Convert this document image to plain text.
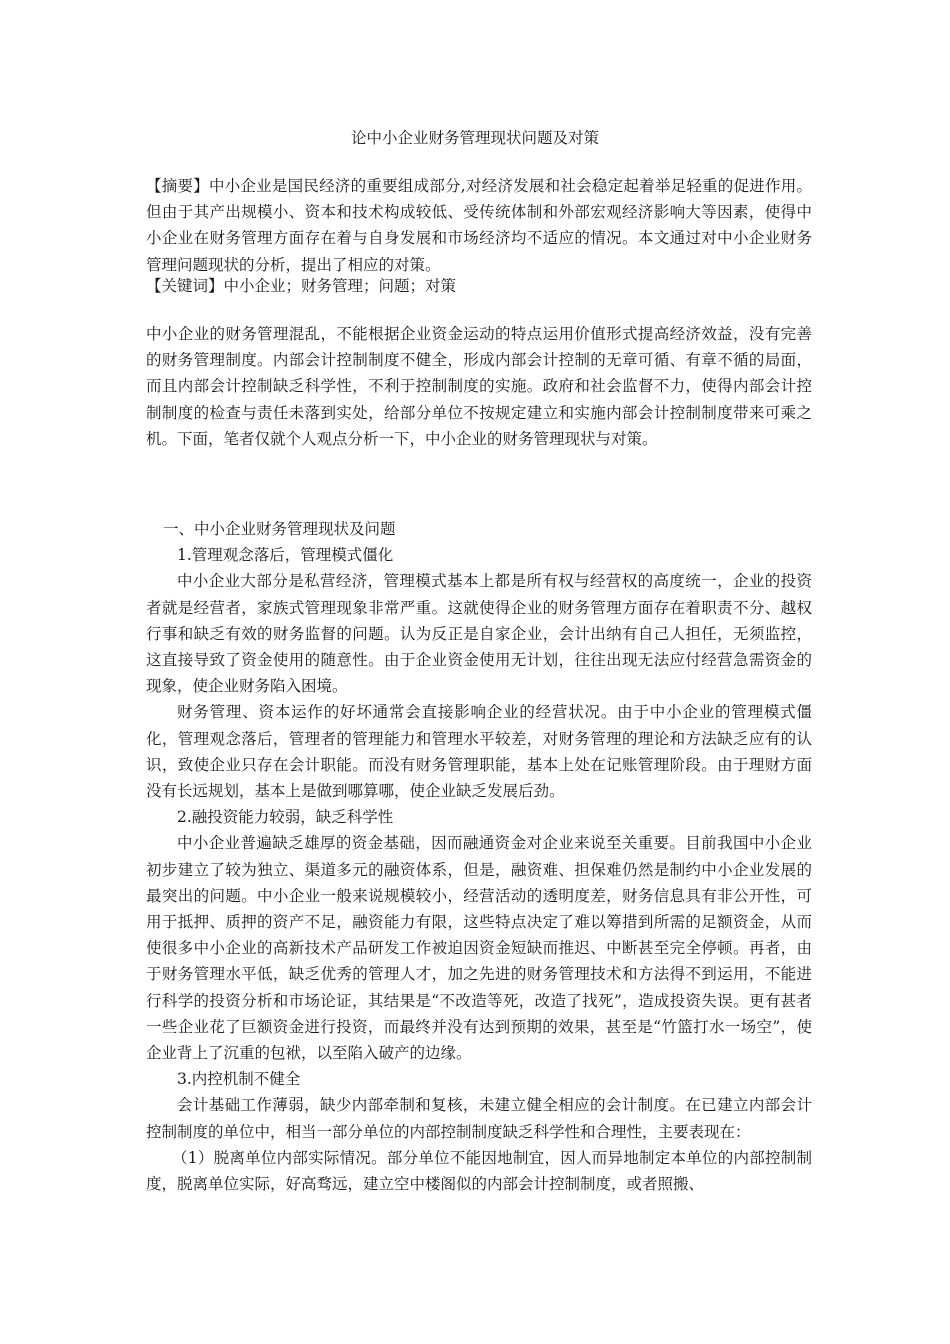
论中小企业财务管理现状问题及对策

【摘要】中小企业是国民经济的重要组成部分,对经济发展和社会稳定起着举足轻重的促进作用。但由于其产出规模小、资本和技术构成较低、受传统体制和外部宏观经济影响大等因素，使得中小企业在财务管理方面存在着与自身发展和市场经济均不适应的情况。本文通过对中小企业财务管理问题现状的分析，提出了相应的对策。

【关键词】中小企业；财务管理；问题；对策

中小企业的财务管理混乱，不能根据企业资金运动的特点运用价值形式提高经济效益，没有完善的财务管理制度。内部会计控制制度不健全，形成内部会计控制的无章可循、有章不循的局面，而且内部会计控制缺乏科学性，不利于控制制度的实施。政府和社会监督不力，使得内部会计控制制度的检查与责任未落到实处，给部分单位不按规定建立和实施内部会计控制制度带来可乘之机。下面，笔者仅就个人观点分析一下，中小企业的财务管理现状与对策。

一、中小企业财务管理现状及问题

1.管理观念落后，管理模式僵化

中小企业大部分是私营经济，管理模式基本上都是所有权与经营权的高度统一，企业的投资者就是经营者，家族式管理现象非常严重。这就使得企业的财务管理方面存在着职责不分、越权行事和缺乏有效的财务监督的问题。认为反正是自家企业，会计出纳有自己人担任，无须监控，这直接导致了资金使用的随意性。由于企业资金使用无计划，往往出现无法应付经营急需资金的现象，使企业财务陷入困境。

财务管理、资本运作的好坏通常会直接影响企业的经营状况。由于中小企业的管理模式僵化，管理观念落后，管理者的管理能力和管理水平较差，对财务管理的理论和方法缺乏应有的认识，致使企业只存在会计职能。而没有财务管理职能，基本上处在记账管理阶段。由于理财方面没有长远规划，基本上是做到哪算哪，使企业缺乏发展后劲。

2.融投资能力较弱，缺乏科学性

中小企业普遍缺乏雄厚的资金基础，因而融通资金对企业来说至关重要。目前我国中小企业初步建立了较为独立、渠道多元的融资体系，但是，融资难、担保难仍然是制约中小企业发展的最突出的问题。中小企业一般来说规模较小，经营活动的透明度差，财务信息具有非公开性，可用于抵押、质押的资产不足，融资能力有限，这些特点决定了难以筹措到所需的足额资金，从而使很多中小企业的高新技术产品研发工作被迫因资金短缺而推迟、中断甚至完全停顿。再者，由于财务管理水平低，缺乏优秀的管理人才，加之先进的财务管理技术和方法得不到运用，不能进行科学的投资分析和市场论证，其结果是“不改造等死，改造了找死”，造成投资失误。更有甚者一些企业花了巨额资金进行投资，而最终并没有达到预期的效果，甚至是“竹篮打水一场空”，使企业背上了沉重的包袱，以至陷入破产的边缘。

3.内控机制不健全

会计基础工作薄弱，缺少内部牵制和复核，未建立健全相应的会计制度。在已建立内部会计控制制度的单位中，相当一部分单位的内部控制制度缺乏科学性和合理性，主要表现在：

（1）脱离单位内部实际情况。部分单位不能因地制宜，因人而异地制定本单位的内部控制制度，脱离单位实际，好高骛远，建立空中楼阁似的内部会计控制制度，或者照搬、
